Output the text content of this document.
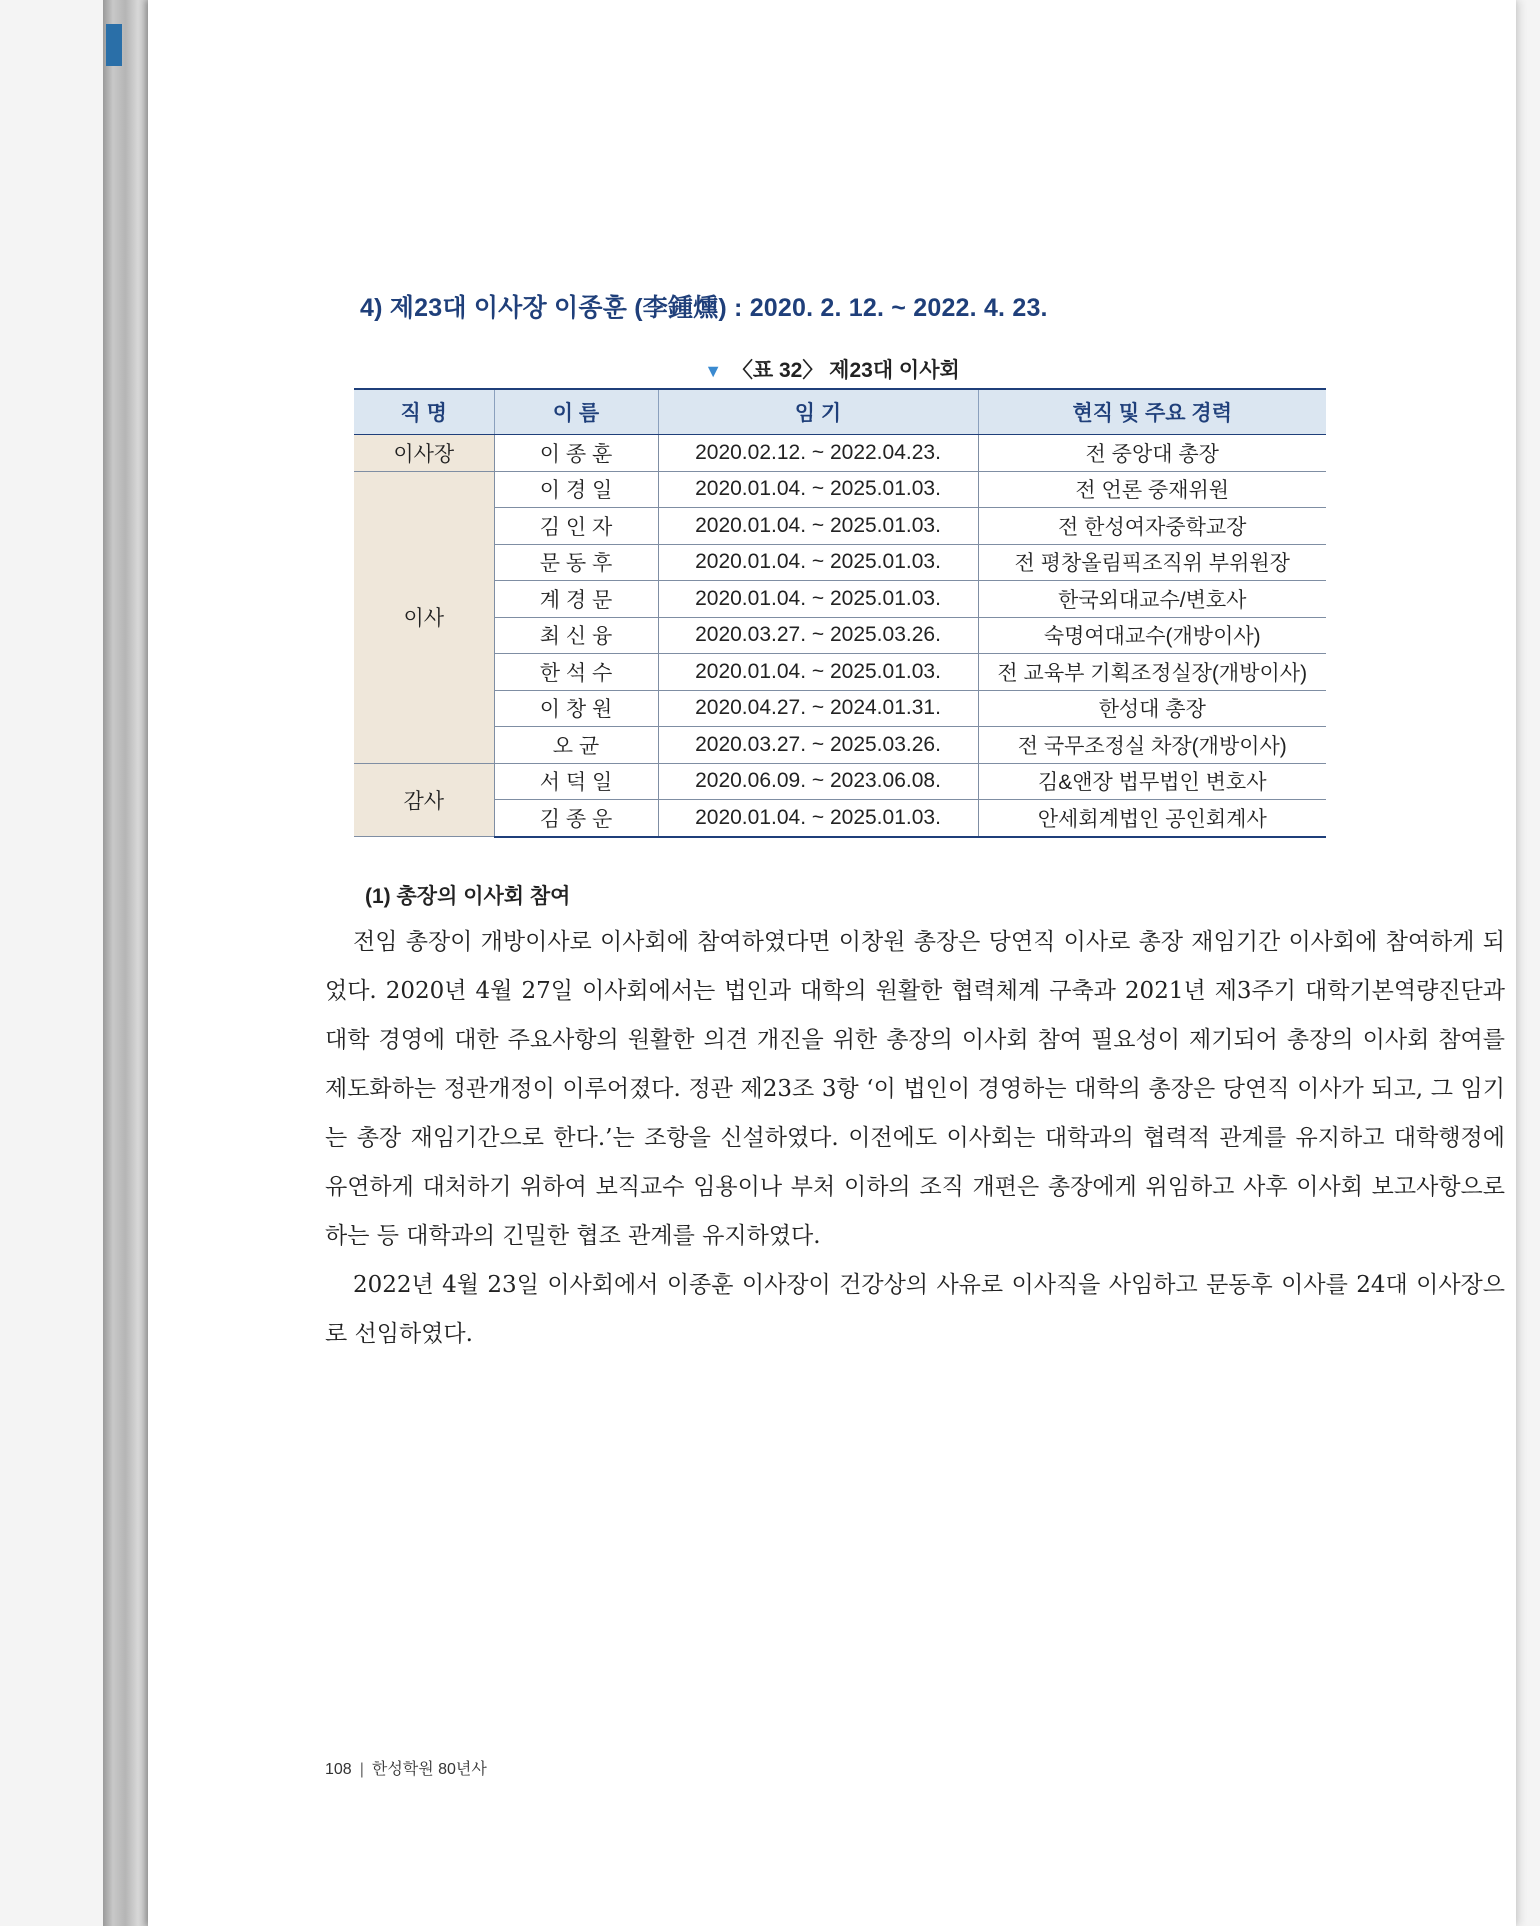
4) 제23대 이사장 이종훈 (李鍾燻) : 2020. 2. 12. ~ 2022. 4. 23.
▼ 〈표 32〉 제23대 이사회
직 명	이 름	임 기	현직 및 주요 경력
이사장	이 종 훈	2020.02.12. ~ 2022.04.23.	전 중앙대 총장
이사	이 경 일	2020.01.04. ~ 2025.01.03.	전 언론 중재위원
	김 인 자	2020.01.04. ~ 2025.01.03.	전 한성여자중학교장
	문 동 후	2020.01.04. ~ 2025.01.03.	전 평창올림픽조직위 부위원장
	계 경 문	2020.01.04. ~ 2025.01.03.	한국외대교수/변호사
	최 신 융	2020.03.27. ~ 2025.03.26.	숙명여대교수(개방이사)
	한 석 수	2020.01.04. ~ 2025.01.03.	전 교육부 기획조정실장(개방이사)
	이 창 원	2020.04.27. ~ 2024.01.31.	한성대 총장
	오 균	2020.03.27. ~ 2025.03.26.	전 국무조정실 차장(개방이사)
감사	서 덕 일	2020.06.09. ~ 2023.06.08.	김&앤장 법무법인 변호사
	김 종 운	2020.01.04. ~ 2025.01.03.	안세회계법인 공인회계사
(1) 총장의 이사회 참여

전임 총장이 개방이사로 이사회에 참여하였다면 이창원 총장은 당연직 이사로 총장 재임기간 이사회에 참여하게 되었다. 2020년 4월 27일 이사회에서는 법인과 대학의 원활한 협력체계 구축과 2021년 제3주기 대학기본역량진단과 대학 경영에 대한 주요사항의 원활한 의견 개진을 위한 총장의 이사회 참여 필요성이 제기되어 총장의 이사회 참여를 제도화하는 정관개정이 이루어졌다. 정관 제23조 3항 ‘이 법인이 경영하는 대학의 총장은 당연직 이사가 되고, 그 임기는 총장 재임기간으로 한다.’는 조항을 신설하였다. 이전에도 이사회는 대학과의 협력적 관계를 유지하고 대학행정에 유연하게 대처하기 위하여 보직교수 임용이나 부처 이하의 조직 개편은 총장에게 위임하고 사후 이사회 보고사항으로 하는 등 대학과의 긴밀한 협조 관계를 유지하였다.

2022년 4월 23일 이사회에서 이종훈 이사장이 건강상의 사유로 이사직을 사임하고 문동후 이사를 24대 이사장으로 선임하였다.

108 | 한성학원 80년사
